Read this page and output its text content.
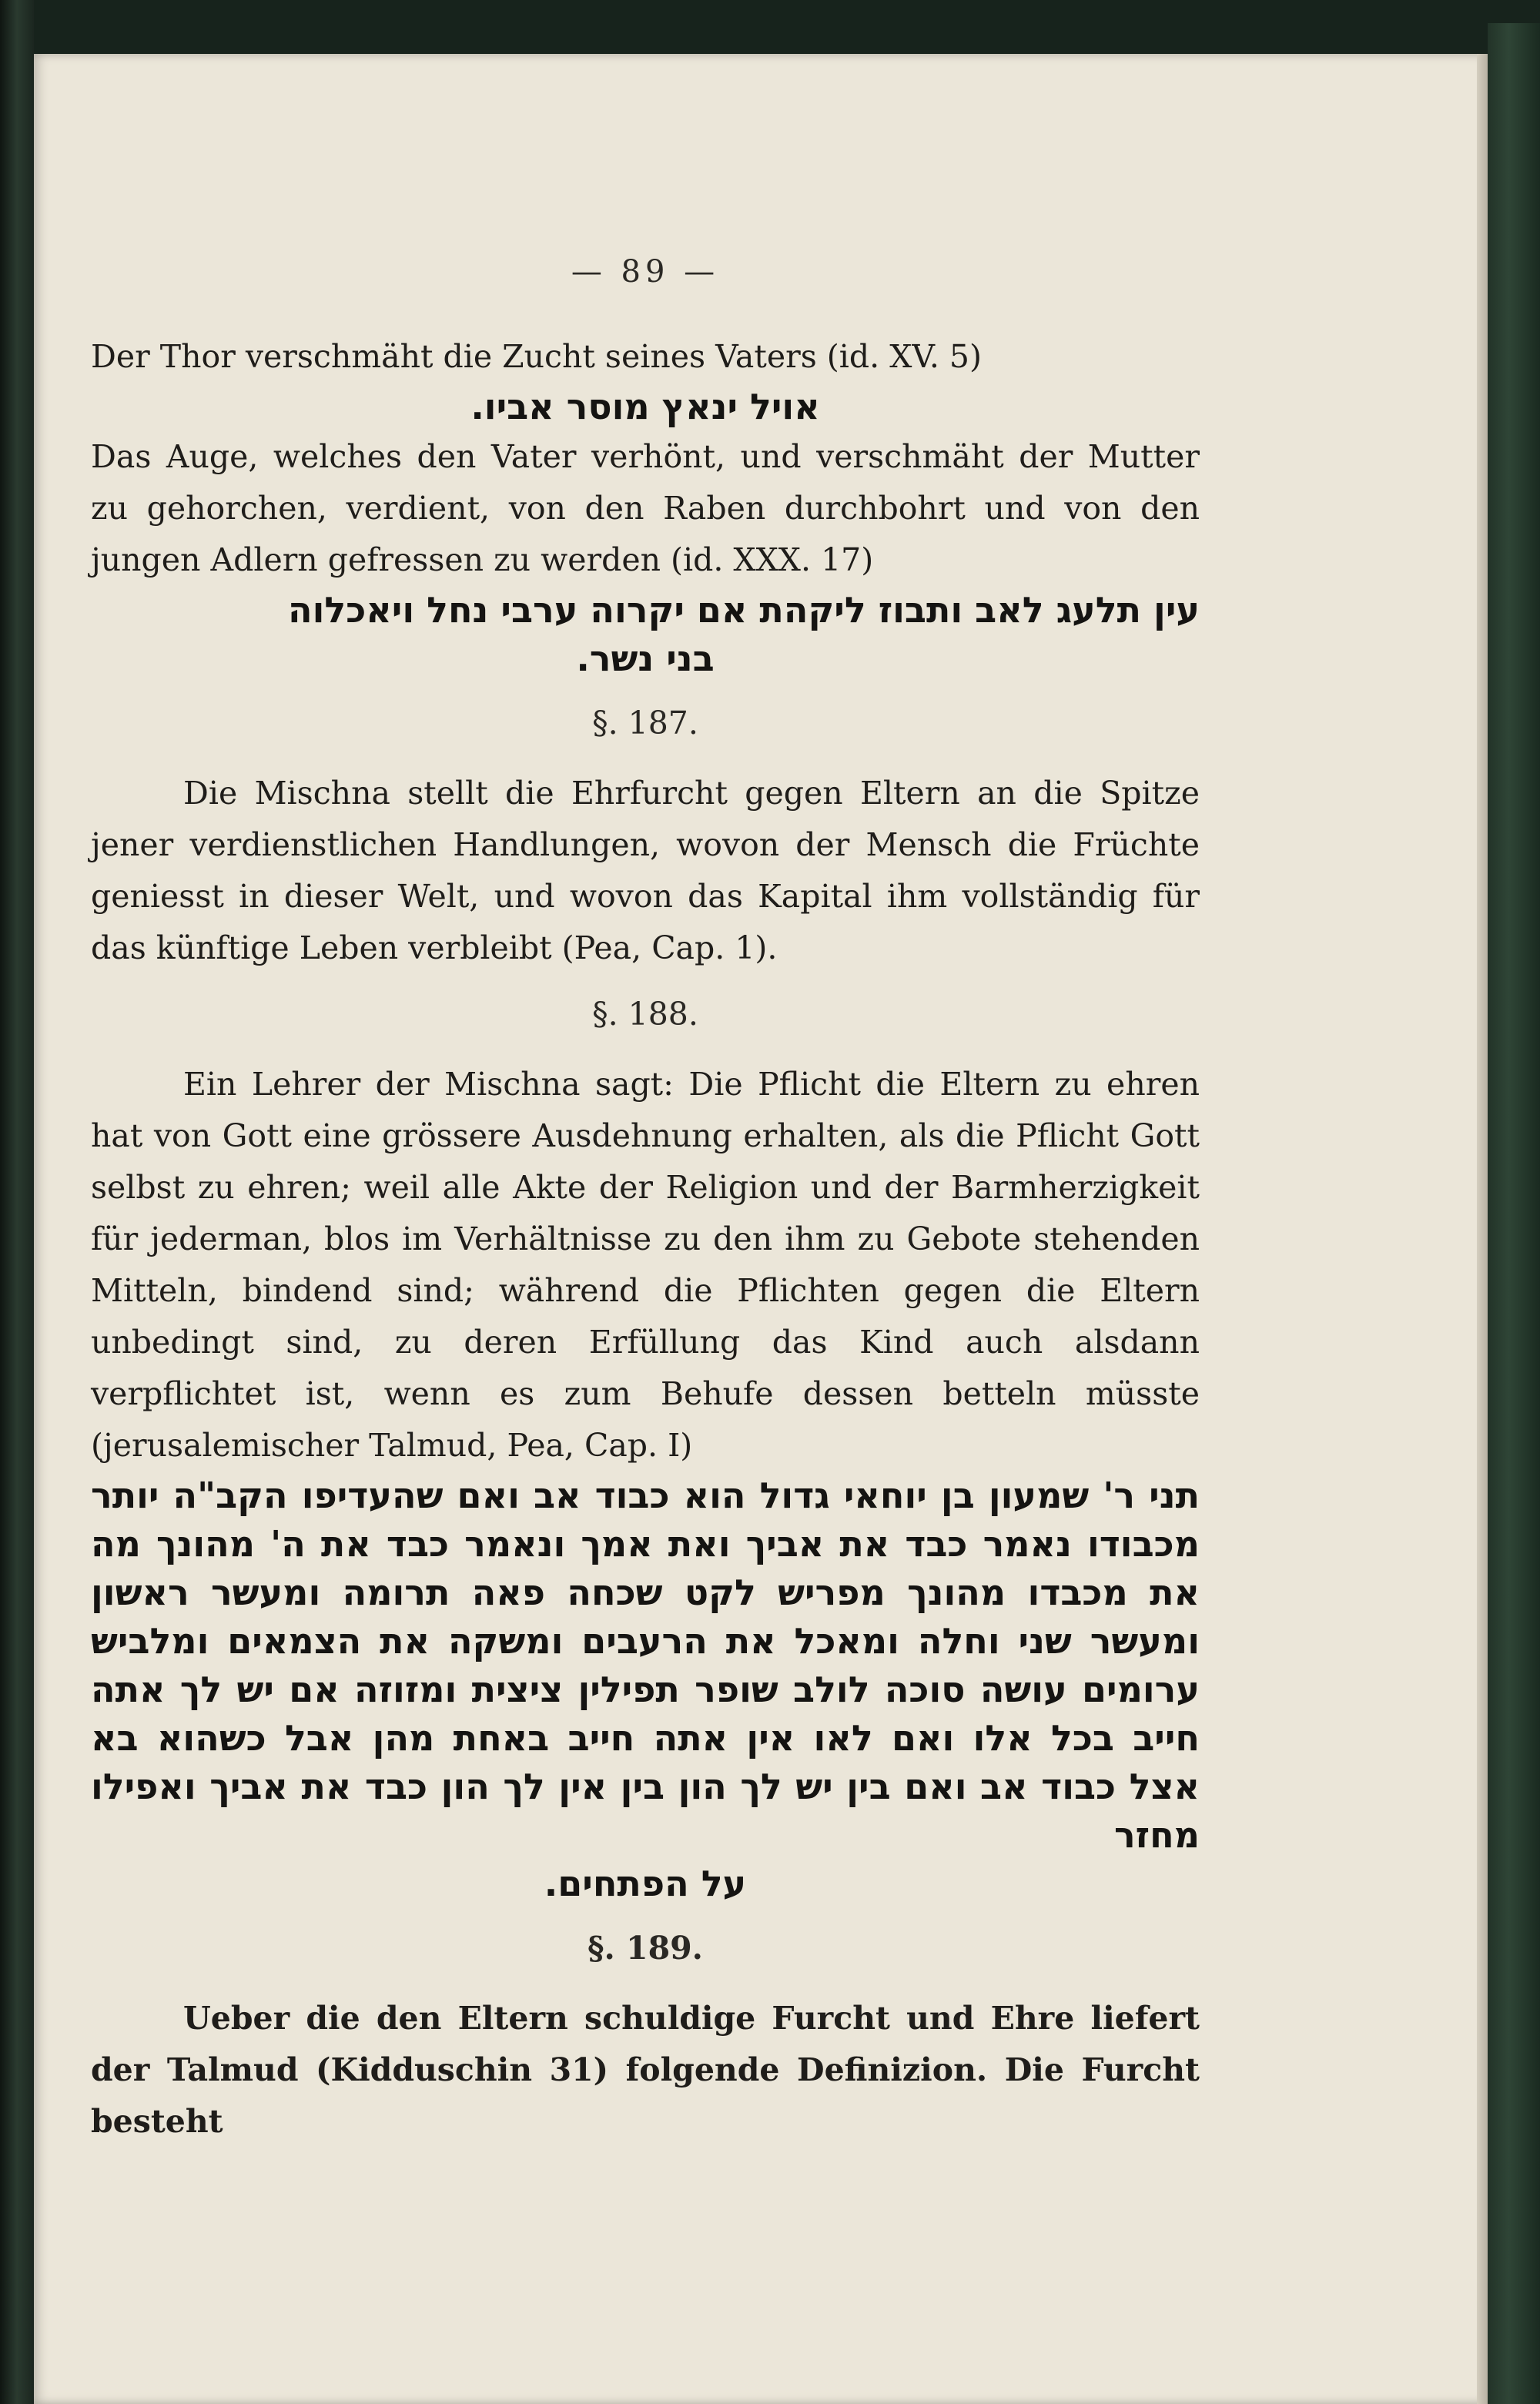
— 89 —

Der Thor verschmäht die Zucht seines Vaters (id. XV. 5)

אויל ינאץ מוסר אביו.

Das Auge, welches den Vater verhönt, und verschmäht der Mutter zu gehorchen, verdient, von den Raben durchbohrt und von den jungen Adlern gefressen zu werden (id. XXX. 17)

עין תלעג לאב ותבוז ליקהת אם יקרוה ערבי נחל ויאכלוה

בני נשר.

§. 187.

Die Mischna stellt die Ehrfurcht gegen Eltern an die Spitze jener verdienstlichen Handlungen, wovon der Mensch die Früchte geniesst in dieser Welt, und wovon das Kapital ihm vollständig für das künftige Leben verbleibt (Pea, Cap. 1).

§. 188.

Ein Lehrer der Mischna sagt: Die Pflicht die Eltern zu ehren hat von Gott eine grössere Ausdehnung erhalten, als die Pflicht Gott selbst zu ehren; weil alle Akte der Religion und der Barmherzigkeit für jederman, blos im Verhältnisse zu den ihm zu Gebote stehenden Mitteln, bindend sind; während die Pflichten gegen die Eltern unbedingt sind, zu deren Erfüllung das Kind auch alsdann verpflichtet ist, wenn es zum Behufe dessen betteln müsste (jerusalemischer Talmud, Pea, Cap. I)

תני ר' שמעון בן יוחאי גדול הוא כבוד אב ואם שהעדיפו הקב"ה יותר מכבודו נאמר כבד את אביך ואת אמך ונאמר כבד את ה' מהונך מה את מכבדו מהונך מפריש לקט שכחה פאה תרומה ומעשר ראשון ומעשר שני וחלה ומאכל את הרעבים ומשקה את הצמאים ומלביש ערומים עושה סוכה לולב שופר תפילין ציצית ומזוזה אם יש לך אתה חייב בכל אלו ואם לאו אין אתה חייב באחת מהן אבל כשהוא בא אצל כבוד אב ואם בין יש לך הון בין אין לך הון כבד את אביך ואפילו מחזר

על הפתחים.

§. 189.

Ueber die den Eltern schuldige Furcht und Ehre liefert der Talmud (Kidduschin 31) folgende Definizion. Die Furcht besteht
